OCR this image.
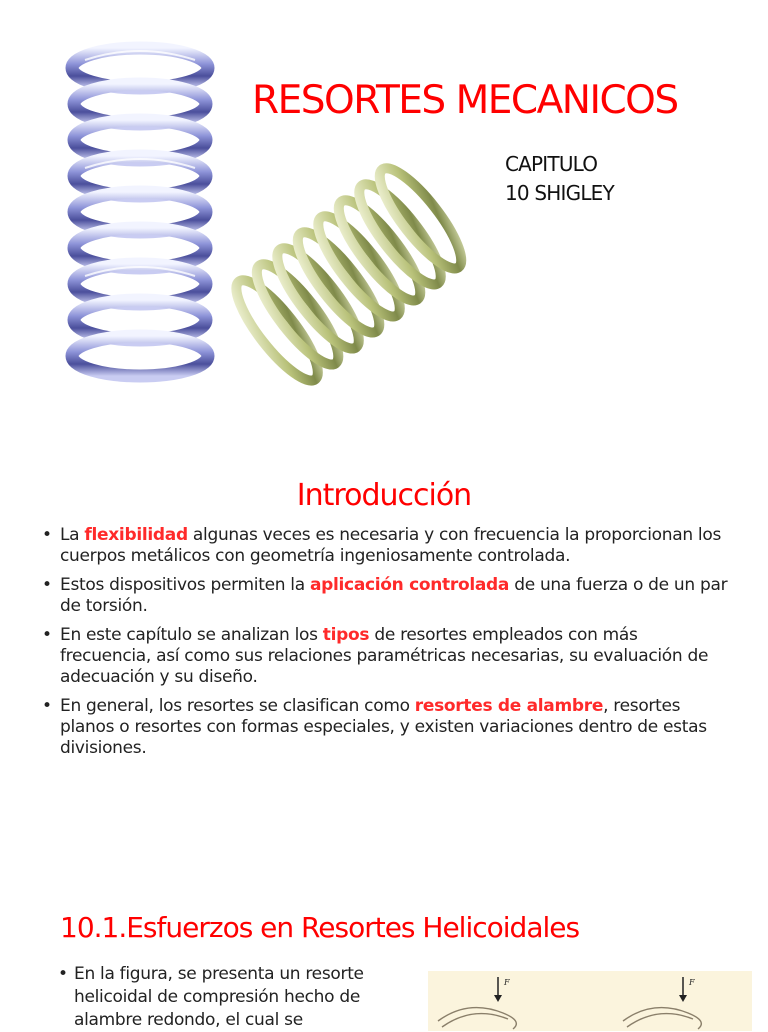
RESORTES MECANICOS
CAPITULO
10 SHIGLEY
Introducción
• La flexibilidad algunas veces es necesaria y con frecuencia la proporcionan los cuerpos metálicos con geometría ingeniosamente controlada.
• Estos dispositivos permiten la aplicación controlada de una fuerza o de un par de torsión.
• En este capítulo se analizan los tipos de resortes empleados con más frecuencia, así como sus relaciones paramétricas necesarias, su evaluación de adecuación y su diseño.
• En general, los resortes se clasifican como resortes de alambre, resortes planos o resortes con formas especiales, y existen variaciones dentro de estas divisiones.
10.1.Esfuerzos en Resortes Helicoidales
• En la figura, se presenta un resorte helicoidal de compresión hecho de alambre redondo, el cual se
F	F
